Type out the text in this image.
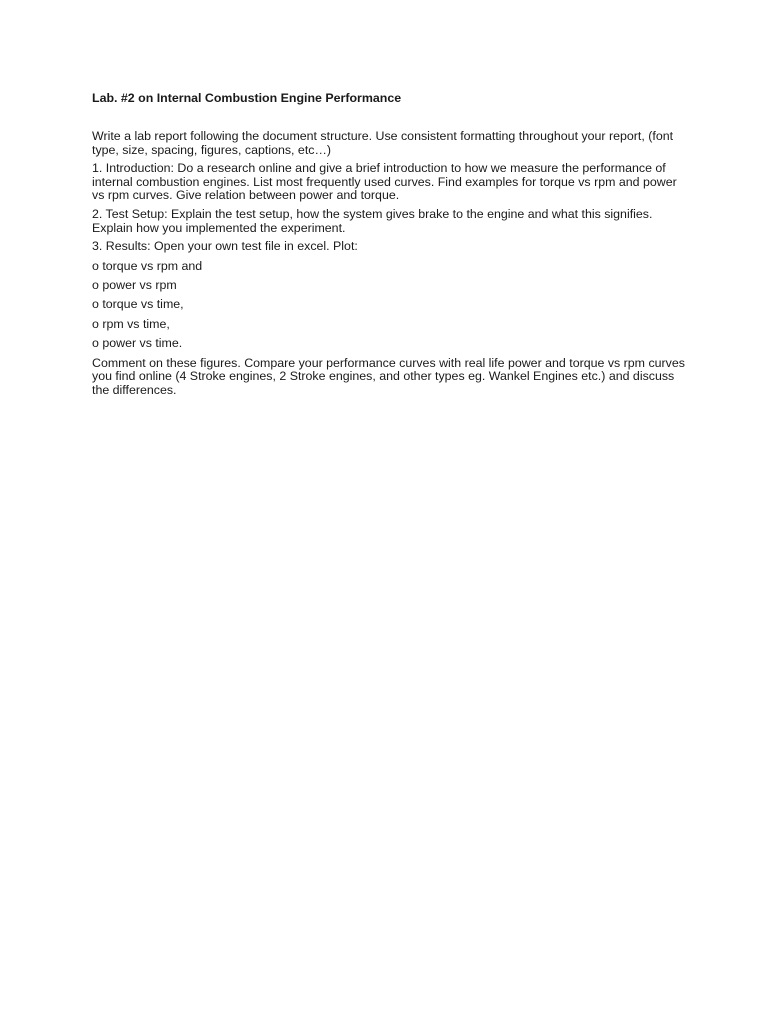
Lab. #2 on Internal Combustion Engine Performance

Write a lab report following the document structure. Use consistent formatting throughout your report, (font type, size, spacing, figures, captions, etc…)

1. Introduction: Do a research online and give a brief introduction to how we measure the performance of internal combustion engines. List most frequently used curves. Find examples for torque vs rpm and power vs rpm curves. Give relation between power and torque.

2. Test Setup: Explain the test setup, how the system gives brake to the engine and what this signifies. Explain how you implemented the experiment.

3. Results: Open your own test file in excel. Plot:

o torque vs rpm and

o power vs rpm

o torque vs time,

o rpm vs time,

o power vs time.

Comment on these figures. Compare your performance curves with real life power and torque vs rpm curves you find online (4 Stroke engines, 2 Stroke engines, and other types eg. Wankel Engines etc.) and discuss the differences.
